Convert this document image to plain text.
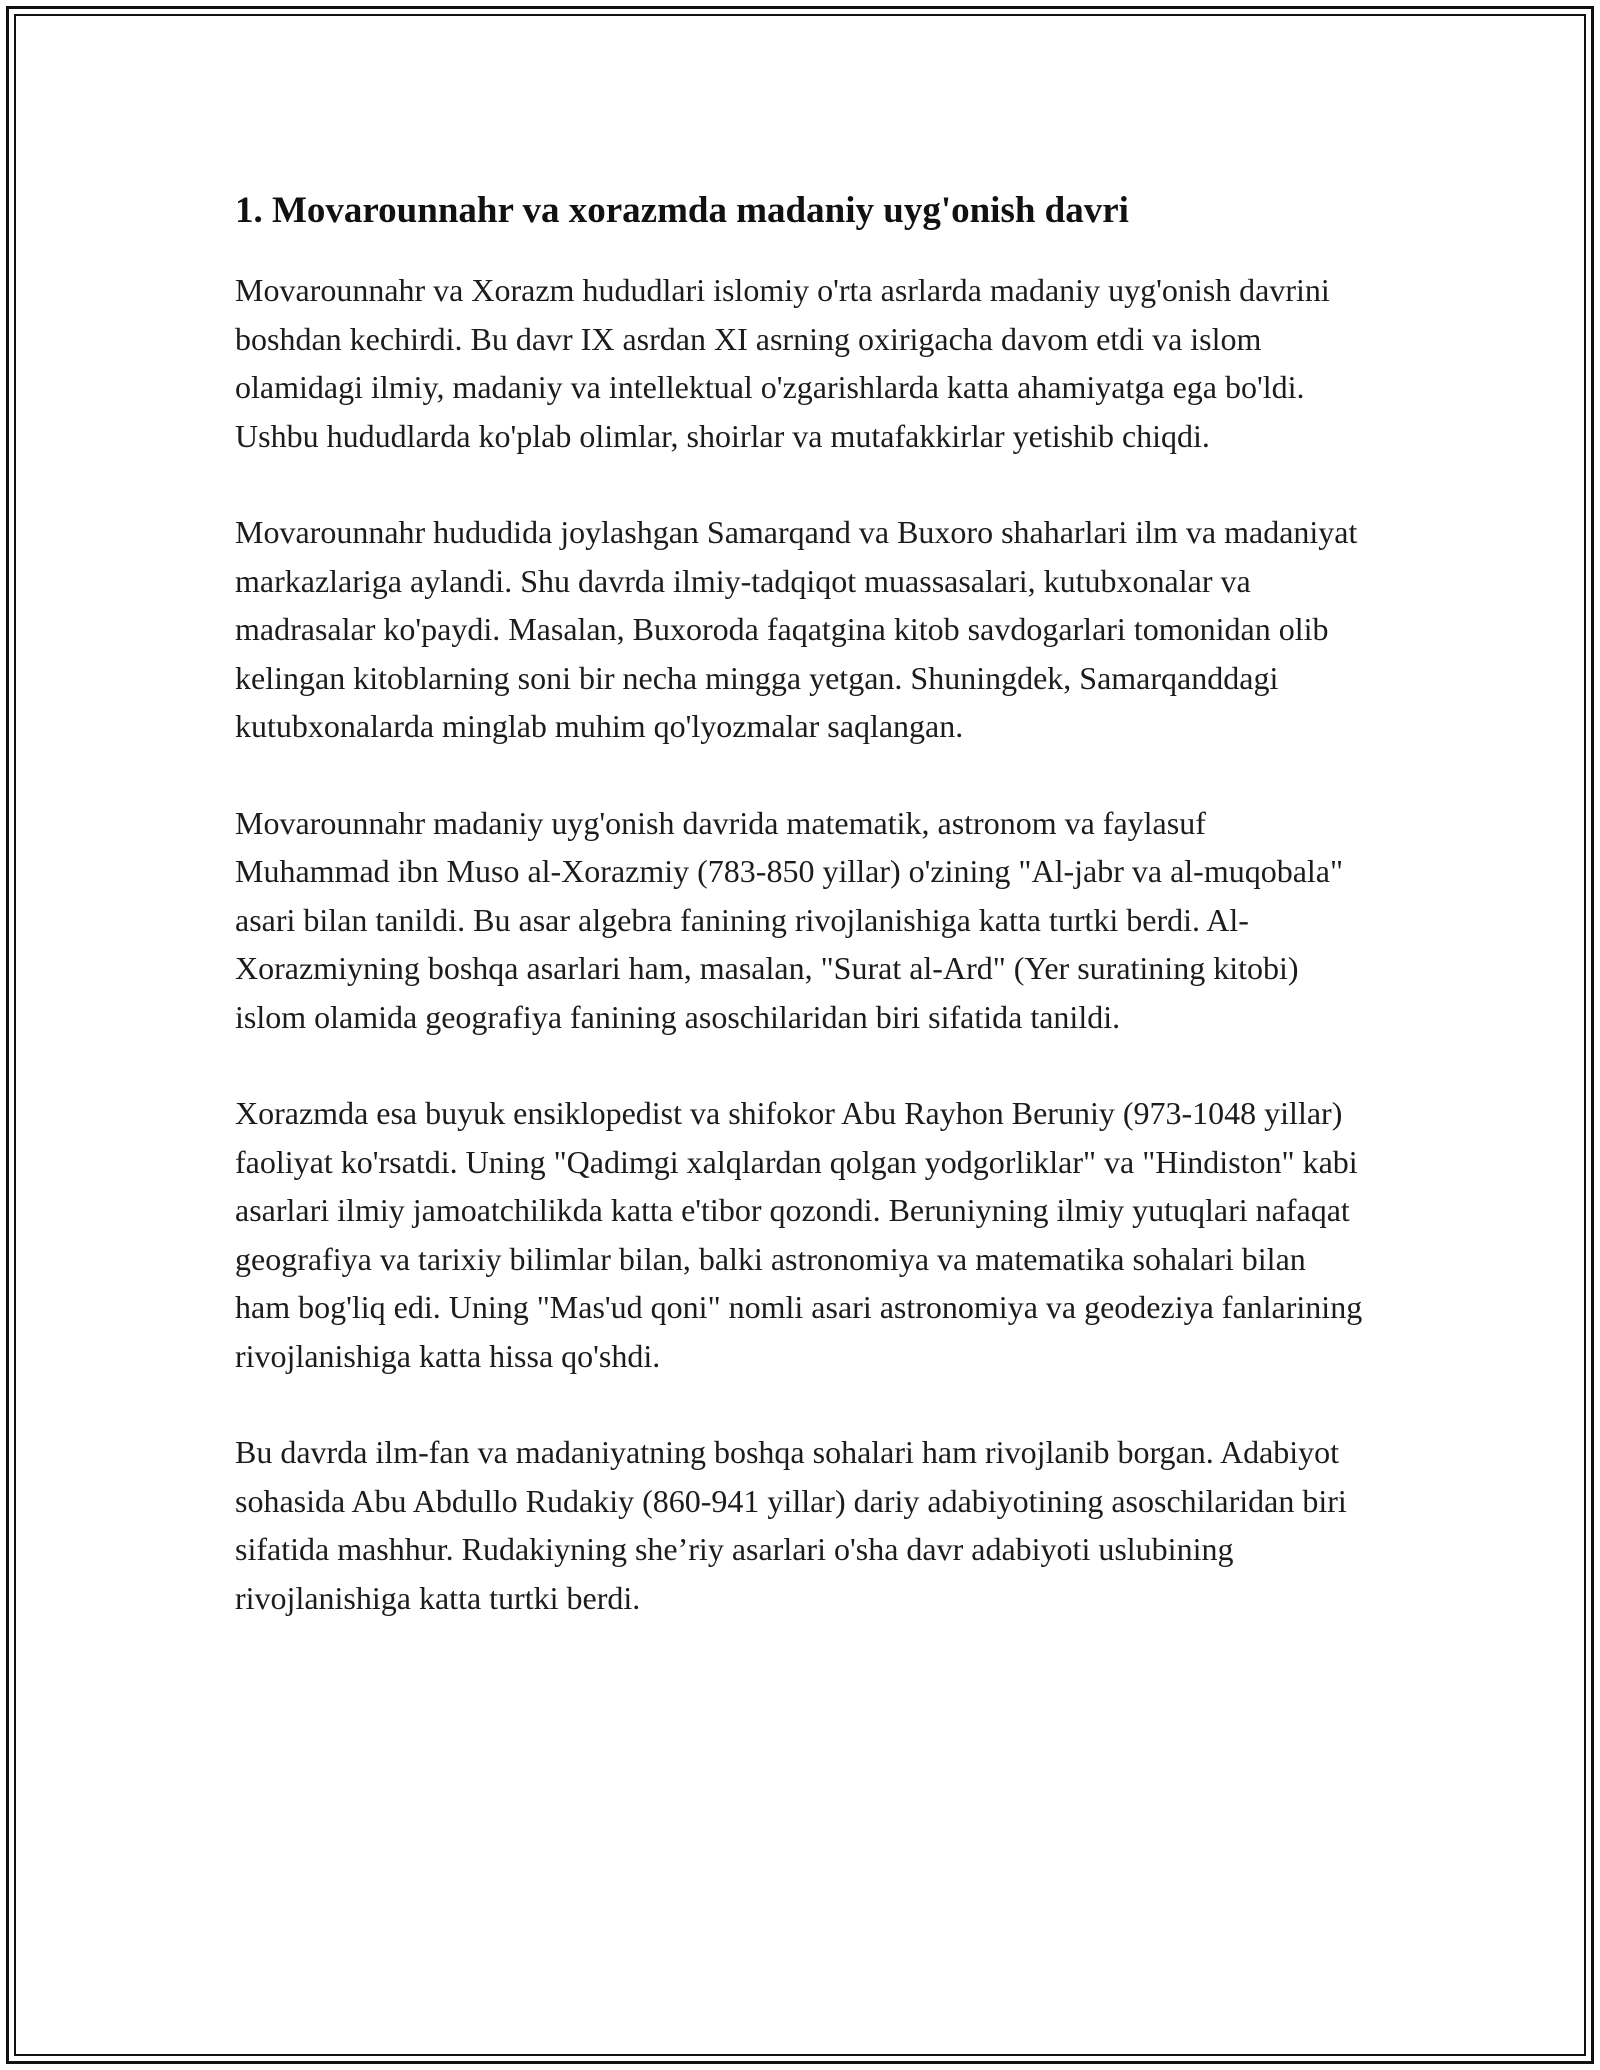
1. Movarounnahr va xorazmda madaniy uyg'onish davri

Movarounnahr va Xorazm hududlari islomiy o'rta asrlarda madaniy uyg'onish davrini boshdan kechirdi. Bu davr IX asrdan XI asrning oxirigacha davom etdi va islom olamidagi ilmiy, madaniy va intellektual o'zgarishlarda katta ahamiyatga ega bo'ldi. Ushbu hududlarda ko'plab olimlar, shoirlar va mutafakkirlar yetishib chiqdi.

Movarounnahr hududida joylashgan Samarqand va Buxoro shaharlari ilm va madaniyat markazlariga aylandi. Shu davrda ilmiy-tadqiqot muassasalari, kutubxonalar va madrasalar ko'paydi. Masalan, Buxoroda faqatgina kitob savdogarlari tomonidan olib kelingan kitoblarning soni bir necha mingga yetgan. Shuningdek, Samarqanddagi kutubxonalarda minglab muhim qo'lyozmalar saqlangan.

Movarounnahr madaniy uyg'onish davrida matematik, astronom va faylasuf Muhammad ibn Muso al-Xorazmiy (783-850 yillar) o'zining "Al-jabr va al-muqobala" asari bilan tanildi. Bu asar algebra fanining rivojlanishiga katta turtki berdi. Al-Xorazmiyning boshqa asarlari ham, masalan, "Surat al-Ard" (Yer suratining kitobi) islom olamida geografiya fanining asoschilaridan biri sifatida tanildi.

Xorazmda esa buyuk ensiklopedist va shifokor Abu Rayhon Beruniy (973-1048 yillar) faoliyat ko'rsatdi. Uning "Qadimgi xalqlardan qolgan yodgorliklar" va "Hindiston" kabi asarlari ilmiy jamoatchilikda katta e'tibor qozondi. Beruniyning ilmiy yutuqlari nafaqat geografiya va tarixiy bilimlar bilan, balki astronomiya va matematika sohalari bilan ham bog'liq edi. Uning "Mas'ud qoni" nomli asari astronomiya va geodeziya fanlarining rivojlanishiga katta hissa qo'shdi.

Bu davrda ilm-fan va madaniyatning boshqa sohalari ham rivojlanib borgan. Adabiyot sohasida Abu Abdullo Rudakiy (860-941 yillar) dariy adabiyotining asoschilaridan biri sifatida mashhur. Rudakiyning she’riy asarlari o'sha davr adabiyoti uslubining rivojlanishiga katta turtki berdi.
